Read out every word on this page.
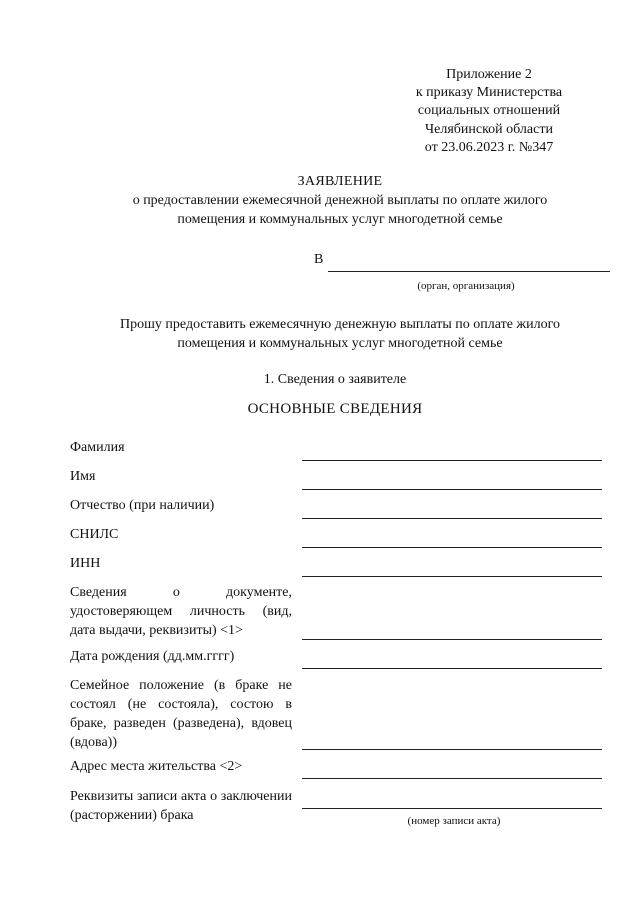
Приложение 2
к приказу Министерства
социальных отношений
Челябинской области
от 23.06.2023 г. №347
ЗАЯВЛЕНИЕ
о предоставлении ежемесячной денежной выплаты по оплате жилого помещения и коммунальных услуг многодетной семье
В
(орган, организация)
Прошу предоставить ежемесячную денежную выплаты по оплате жилого помещения и коммунальных услуг многодетной семье
1. Сведения о заявителе
ОСНОВНЫЕ СВЕДЕНИЯ
Фамилия
Имя
Отчество (при наличии)
СНИЛС
ИНН
Сведения о документе, удостоверяющем личность (вид, дата выдачи, реквизиты) <1>
Дата рождения (дд.мм.гггг)
Семейное положение (в браке не состоял (не состояла), состою в браке, разведен (разведена), вдовец (вдова))
Адрес места жительства <2>
Реквизиты записи акта о заключении (расторжении) брака	(номер записи акта)
